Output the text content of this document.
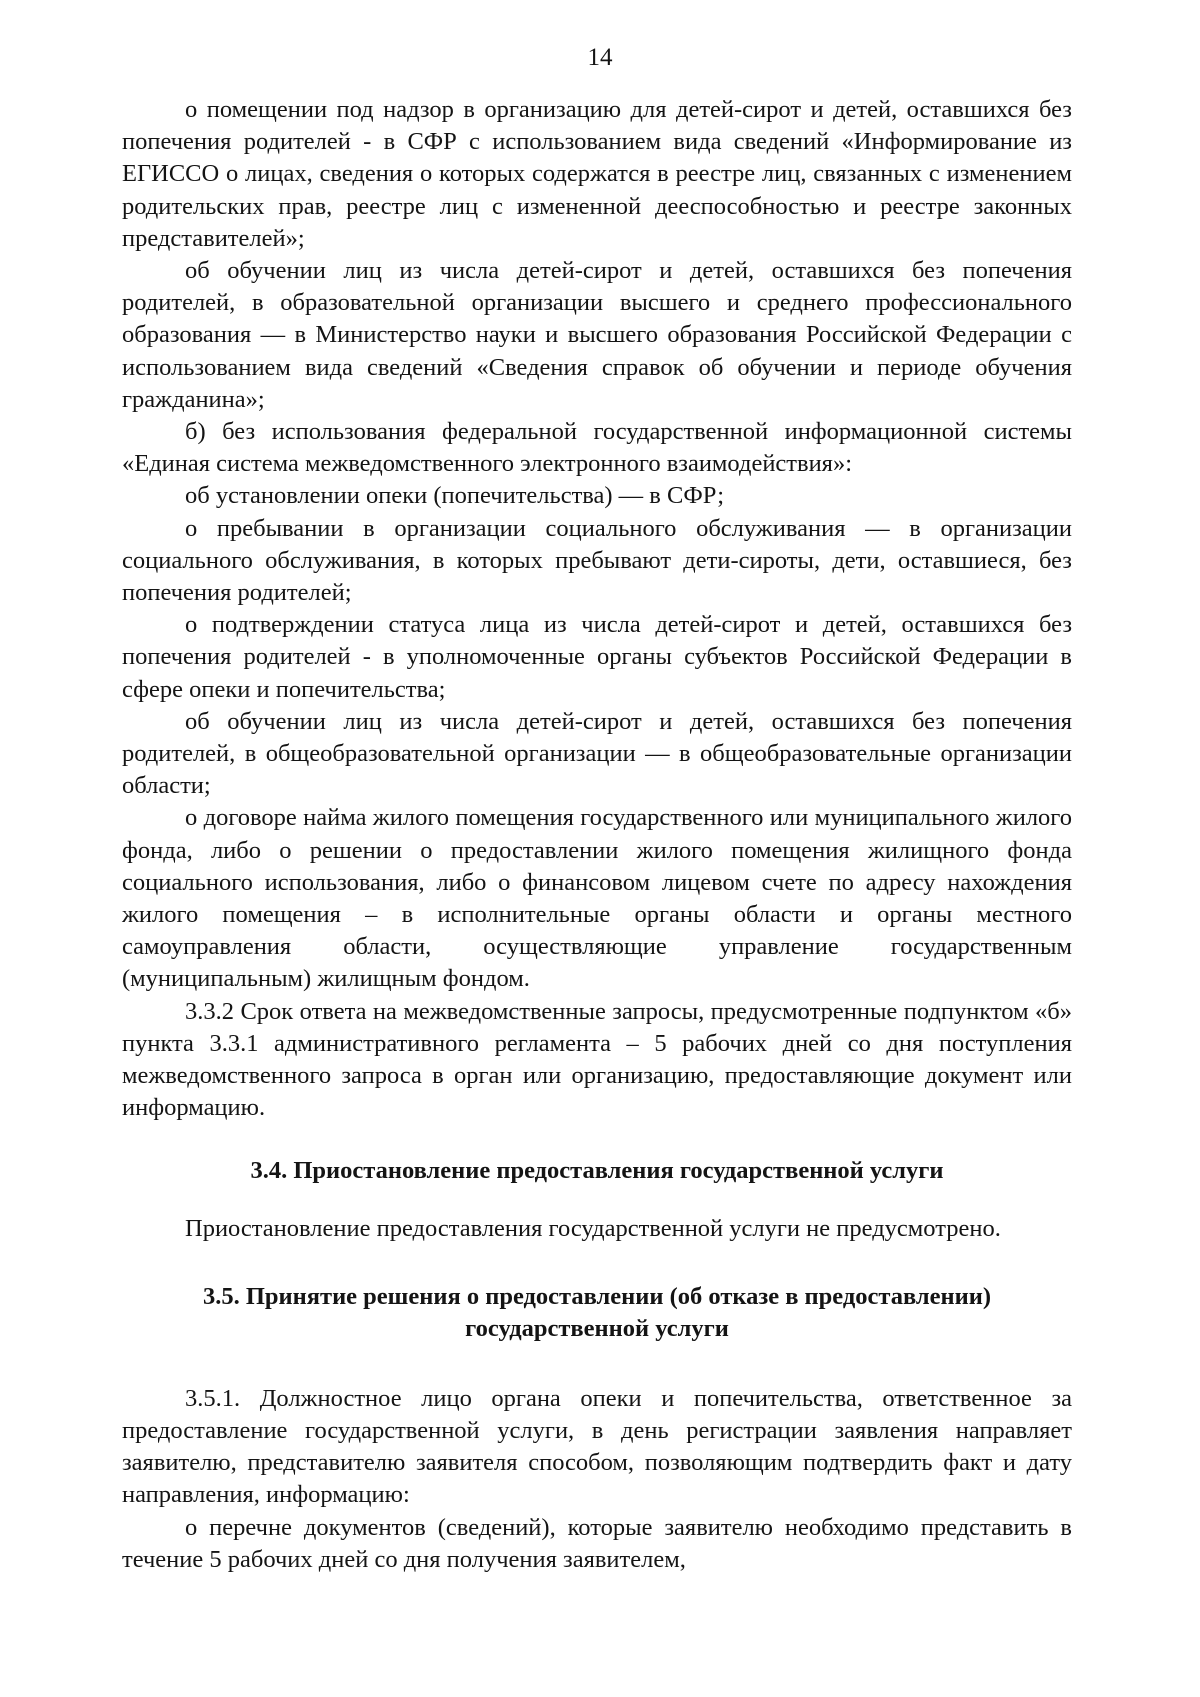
14

о помещении под надзор в организацию для детей-сирот и детей, оставшихся без попечения родителей - в СФР с использованием вида сведений «Информирование из ЕГИССО о лицах, сведения о которых содержатся в реестре лиц, связанных с изменением родительских прав, реестре лиц с измененной дееспособностью и реестре законных представителей»;

об обучении лиц из числа детей-сирот и детей, оставшихся без попечения родителей, в образовательной организации высшего и среднего профессионального образования — в Министерство науки и высшего образования Российской Федерации с использованием вида сведений «Сведения справок об обучении и периоде обучения гражданина»;

б) без использования федеральной государственной информационной системы «Единая система межведомственного электронного взаимодействия»:

об установлении опеки (попечительства) — в СФР;

о пребывании в организации социального обслуживания — в организации социального обслуживания, в которых пребывают дети-сироты, дети, оставшиеся, без попечения родителей;

о подтверждении статуса лица из числа детей-сирот и детей, оставшихся без попечения родителей - в уполномоченные органы субъектов Российской Федерации в сфере опеки и попечительства;

об обучении лиц из числа детей-сирот и детей, оставшихся без попечения родителей, в общеобразовательной организации — в общеобразовательные организации области;

о договоре найма жилого помещения государственного или муниципального жилого фонда, либо о решении о предоставлении жилого помещения жилищного фонда социального использования, либо о финансовом лицевом счете по адресу нахождения жилого помещения – в исполнительные органы области и органы местного самоуправления области, осуществляющие управление государственным (муниципальным) жилищным фондом.

3.3.2 Срок ответа на межведомственные запросы, предусмотренные подпунктом «б» пункта 3.3.1 административного регламента – 5 рабочих дней со дня поступления межведомственного запроса в орган или организацию, предоставляющие документ или информацию.

3.4. Приостановление предоставления государственной услуги

Приостановление предоставления государственной услуги не предусмотрено.

3.5. Принятие решения о предоставлении (об отказе в предоставлении) государственной услуги

3.5.1. Должностное лицо органа опеки и попечительства, ответственное за предоставление государственной услуги, в день регистрации заявления направляет заявителю, представителю заявителя способом, позволяющим подтвердить факт и дату направления, информацию:

о перечне документов (сведений), которые заявителю необходимо представить в течение 5 рабочих дней со дня получения заявителем,
